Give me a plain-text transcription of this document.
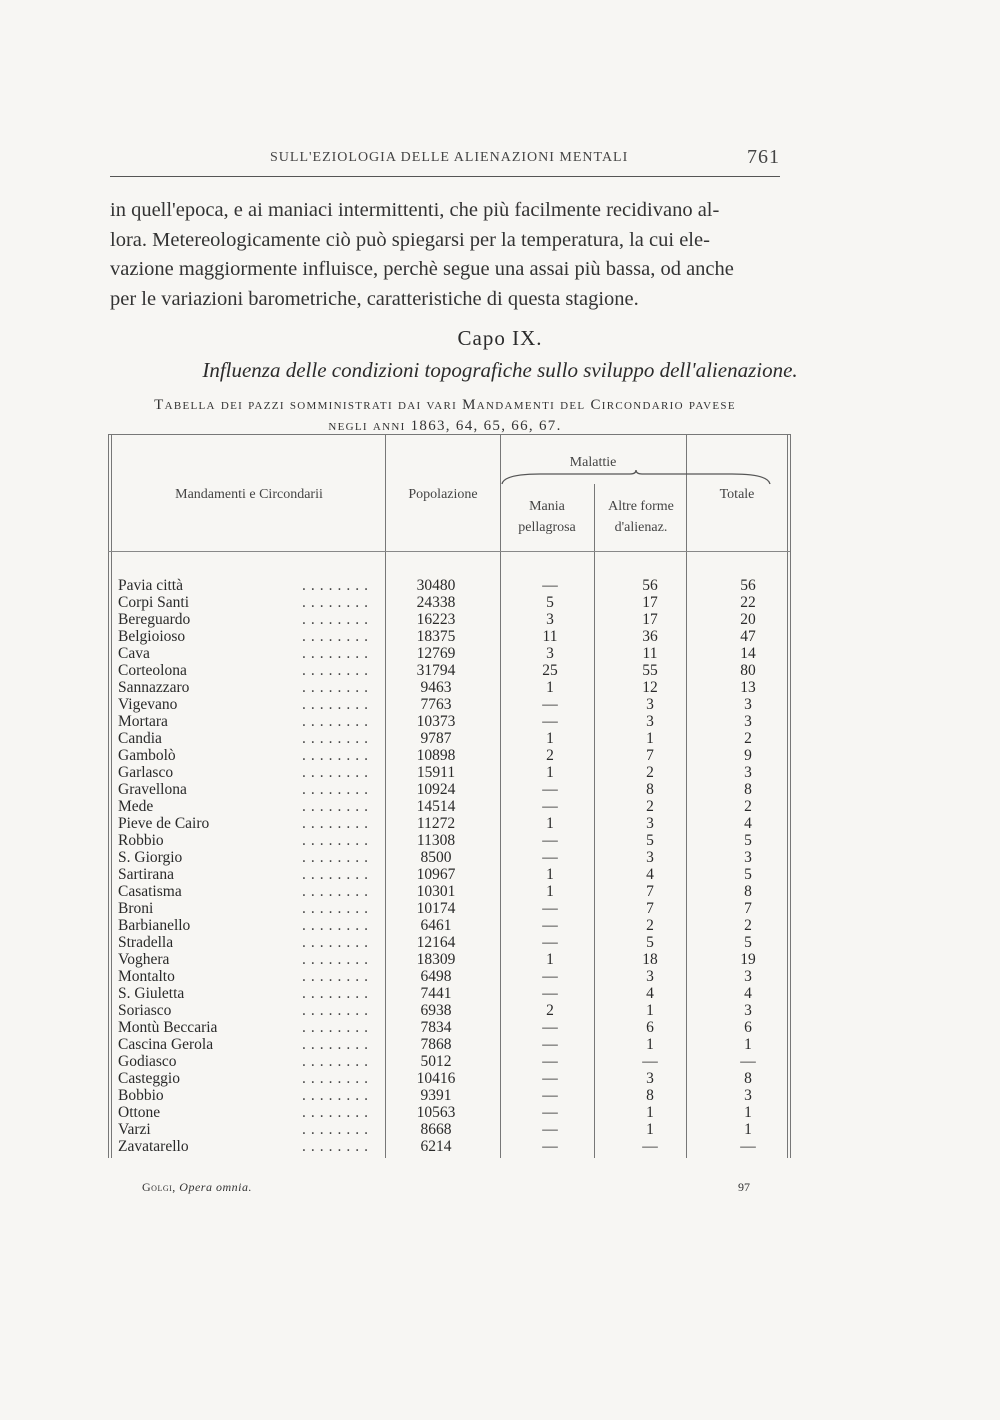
SULL'EZIOLOGIA DELLE ALIENAZIONI MENTALI	761
in quell'epoca, e ai maniaci intermittenti, che più facilmente recidivano al-
lora. Metereologicamente ciò può spiegarsi per la temperatura, la cui ele-
vazione maggiormente influisce, perchè segue una assai più bassa, od anche
per le variazioni barometriche, caratteristiche di questa stagione.
Capo IX.
Influenza delle condizioni topografiche sullo sviluppo dell'alienazione.
Tabella dei pazzi somministrati dai vari Mandamenti del Circondario pavese
negli anni 1863, 64, 65, 66, 67.
Mandamenti e Circondarii	Popolazione
Malattie
Mania pellagrosa
Altre forme d'alienaz.
Totale
........
Pavia città	30480	—	56	56
........
Corpi Santi	24338	5	17	22
........
Bereguardo	16223	3	17	20
........
Belgioioso	18375	11	36	47
........
Cava	12769	3	11	14
........
Corteolona	31794	25	55	80
........
Sannazzaro	9463	1	12	13
........
Vigevano	7763	—	3	3
........
Mortara	10373	—	3	3
........
Candia	9787	1	1	2
........
Gambolò	10898	2	7	9
........
Garlasco	15911	1	2	3
........
Gravellona	10924	—	8	8
........
Mede	14514	—	2	2
........
Pieve de Cairo	11272	1	3	4
........
Robbio	11308	—	5	5
........
S. Giorgio	8500	—	3	3
........
Sartirana	10967	1	4	5
........
Casatisma	10301	1	7	8
........
Broni	10174	—	7	7
........
Barbianello	6461	—	2	2
........
Stradella	12164	—	5	5
........
Voghera	18309	1	18	19
........
Montalto	6498	—	3	3
........
S. Giuletta	7441	—	4	4
........
Soriasco	6938	2	1	3
........
Montù Beccaria	7834	—	6	6
........
Cascina Gerola	7868	—	1	1
........
Godiasco	5012	—	—	—
........
Casteggio	10416	—	3	8
........
Bobbio	9391	—	8	3
........
Ottone	10563	—	1	1
........
Varzi	8668	—	1	1
........
Zavatarello	6214	—	—	—
Golgi, Opera omnia.	97
